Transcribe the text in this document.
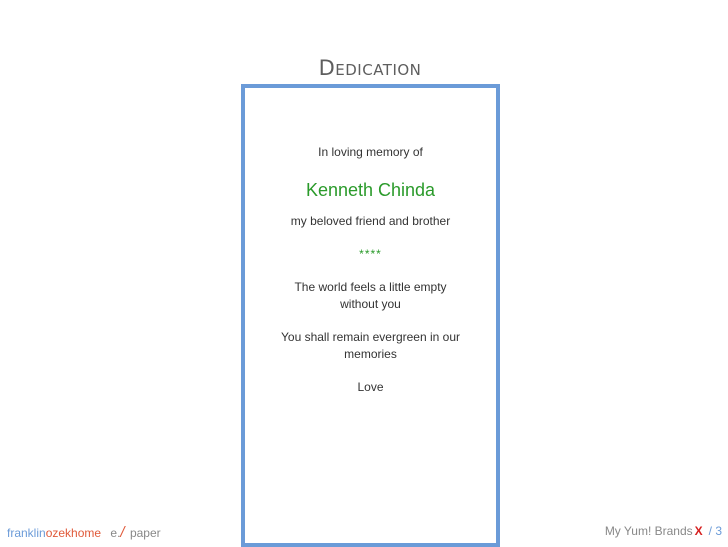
Dedication
In loving memory of
Kenneth Chinda
my beloved friend and brother
****
The world feels a little empty without you
You shall remain evergreen in our memories
Love
franklinozekhome e./ paper	My Yum! Brands X / 3
